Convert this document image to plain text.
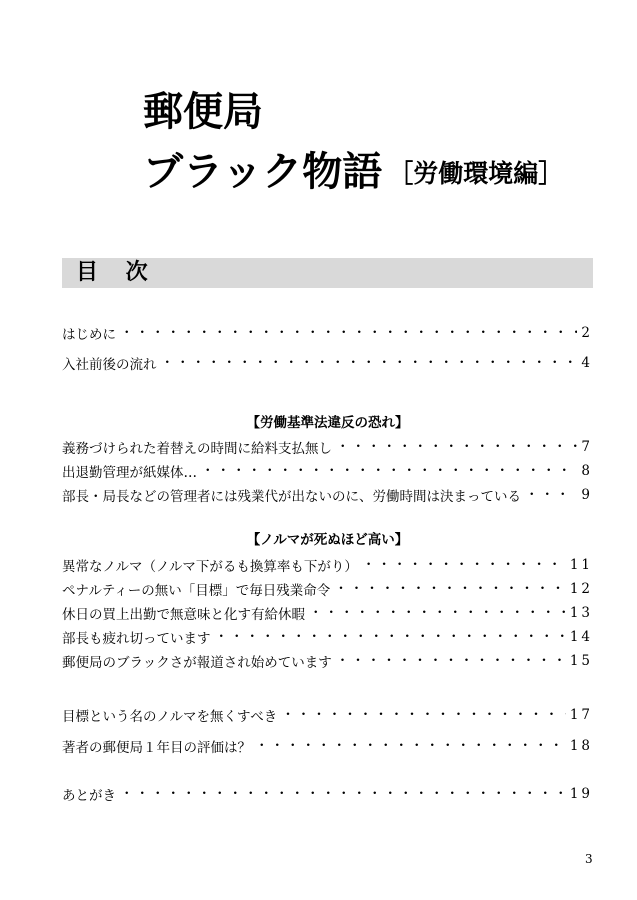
郵便局
ブラック物語 ［労働環境編］
目 次
はじめに ・・・・・・・・・・・・・・・・・・・・・・・・・・・・・・・・・・・・・・・・・・・・・・・・・・・・・・・・・・・・・・・・	2
入社前後の流れ ・・・・・・・・・・・・・・・・・・・・・・・・・・・・・・・・・・・・・・・・・・・・・・・・・・・・・・・・・・・・・・・・	4
【労働基準法違反の恐れ】
義務づけられた着替えの時間に給料支払無し ・・・・・・・・・・・・・・・・・・・・・・・・・・・・・・・・・・・・・・・・・・・・・・・・・・・・・・・・・・・・・・・・	7
出退勤管理が紙媒体… ・・・・・・・・・・・・・・・・・・・・・・・・・・・・・・・・・・・・・・・・・・・・・・・・・・・・・・・・・・・・・・・・	8
部長・局長などの管理者には残業代が出ないのに、労働時間は決まっている ・・・・・・・・・・・・・・・・・・・・・・・・・・・・・・・・・・・・・・・・・・・・・・・・・・・・・・・・・・・・・・・・	9
【ノルマが死ぬほど高い】
異常なノルマ（ノルマ下がるも換算率も下がり） ・・・・・・・・・・・・・・・・・・・・・・・・・・・・・・・・・・・・・・・・・・・・・・・・・・・・・・・・・・・・・・・・	11
ペナルティーの無い「目標」で毎日残業命令 ・・・・・・・・・・・・・・・・・・・・・・・・・・・・・・・・・・・・・・・・・・・・・・・・・・・・・・・・・・・・・・・・	12
休日の買上出勤で無意味と化す有給休暇 ・・・・・・・・・・・・・・・・・・・・・・・・・・・・・・・・・・・・・・・・・・・・・・・・・・・・・・・・・・・・・・・・	13
部長も疲れ切っています ・・・・・・・・・・・・・・・・・・・・・・・・・・・・・・・・・・・・・・・・・・・・・・・・・・・・・・・・・・・・・・・・	14
郵便局のブラックさが報道され始めています ・・・・・・・・・・・・・・・・・・・・・・・・・・・・・・・・・・・・・・・・・・・・・・・・・・・・・・・・・・・・・・・・	15
目標という名のノルマを無くすべき ・・・・・・・・・・・・・・・・・・・・・・・・・・・・・・・・・・・・・・・・・・・・・・・・・・・・・・・・・・・・・・・・	17
著者の郵便局１年目の評価は？ ・・・・・・・・・・・・・・・・・・・・・・・・・・・・・・・・・・・・・・・・・・・・・・・・・・・・・・・・・・・・・・・・	18
あとがき ・・・・・・・・・・・・・・・・・・・・・・・・・・・・・・・・・・・・・・・・・・・・・・・・・・・・・・・・・・・・・・・・	19
3
